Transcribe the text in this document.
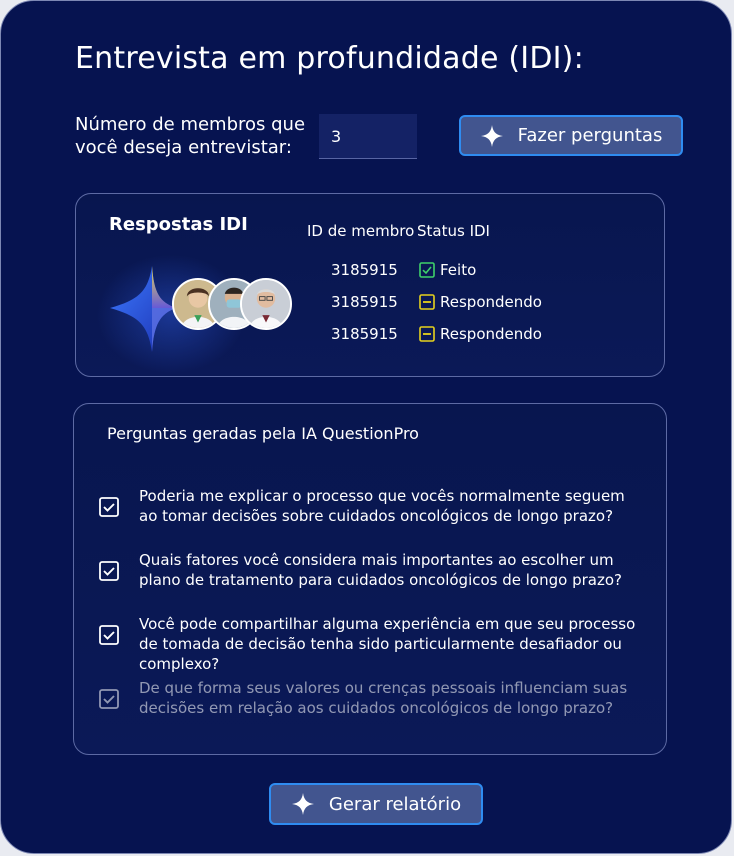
Entrevista em profundidade (IDI):
Número de membros que você deseja entrevistar:
3
Fazer perguntas
Respostas IDI	ID de membro Status IDI
3185915	Feito
3185915	Respondendo
3185915	Respondendo
Perguntas geradas pela IA QuestionPro
Poderia me explicar o processo que vocês normalmente seguem ao tomar decisões sobre cuidados oncológicos de longo prazo?
Quais fatores você considera mais importantes ao escolher um plano de tratamento para cuidados oncológicos de longo prazo?
Você pode compartilhar alguma experiência em que seu processo de tomada de decisão tenha sido particularmente desafiador ou complexo?
De que forma seus valores ou crenças pessoais influenciam suas decisões em relação aos cuidados oncológicos de longo prazo?
Gerar relatório
